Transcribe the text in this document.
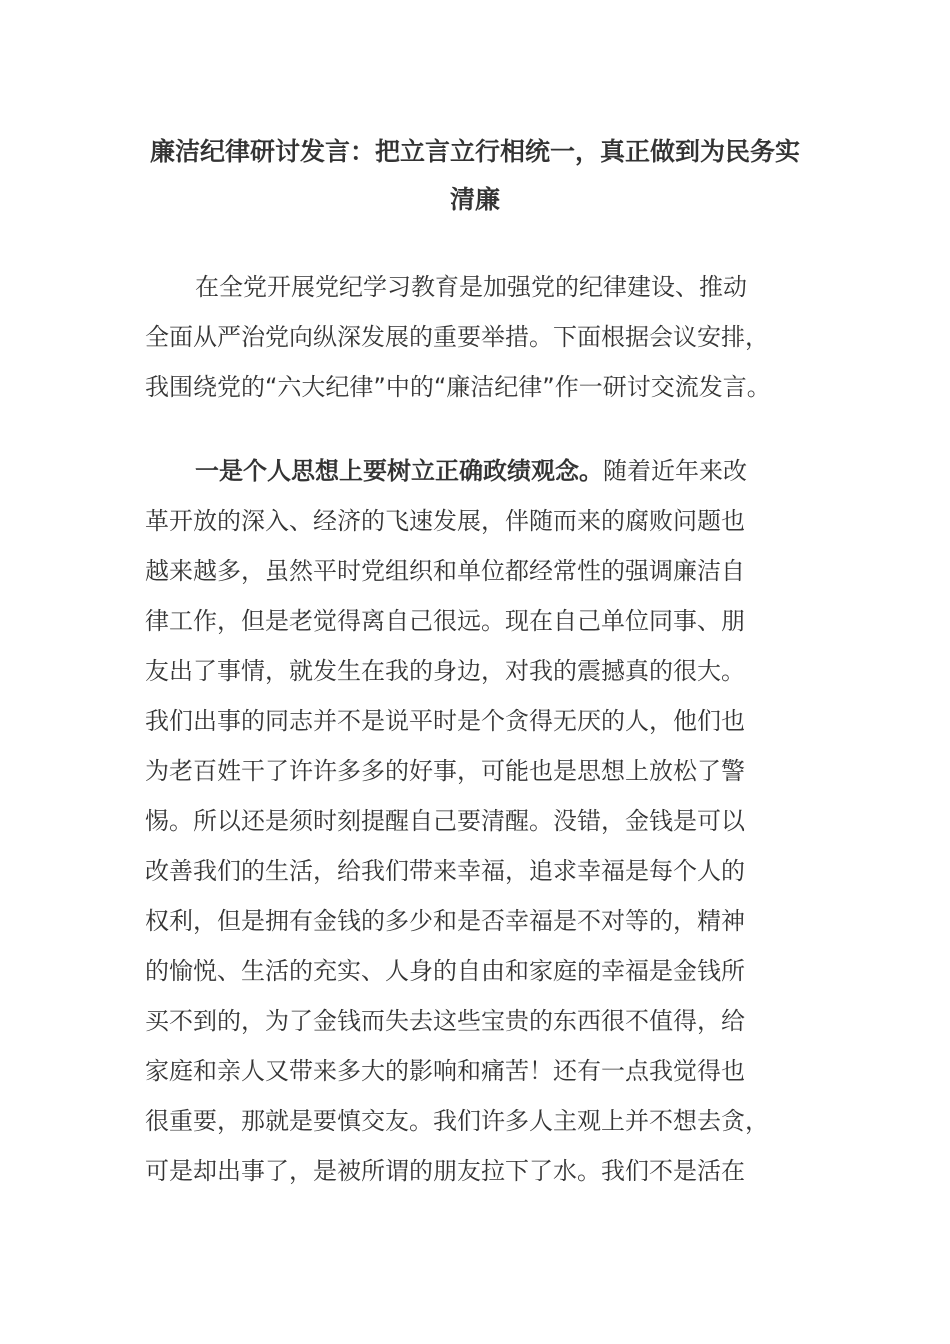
廉洁纪律研讨发言：把立言立行相统一，真正做到为民务实清廉

在全党开展党纪学习教育是加强党的纪律建设、推动

全面从严治党向纵深发展的重要举措。下面根据会议安排，

我围绕党的“六大纪律”中的“廉洁纪律”作一研讨交流发言。

一是个人思想上要树立正确政绩观念。随着近年来改

革开放的深入、经济的飞速发展，伴随而来的腐败问题也

越来越多，虽然平时党组织和单位都经常性的强调廉洁自

律工作，但是老觉得离自己很远。现在自己单位同事、朋

友出了事情，就发生在我的身边，对我的震撼真的很大。

我们出事的同志并不是说平时是个贪得无厌的人，他们也

为老百姓干了许许多多的好事，可能也是思想上放松了警

惕。所以还是须时刻提醒自己要清醒。没错，金钱是可以

改善我们的生活，给我们带来幸福，追求幸福是每个人的

权利，但是拥有金钱的多少和是否幸福是不对等的，精神

的愉悦、生活的充实、人身的自由和家庭的幸福是金钱所

买不到的，为了金钱而失去这些宝贵的东西很不值得，给

家庭和亲人又带来多大的影响和痛苦！还有一点我觉得也

很重要，那就是要慎交友。我们许多人主观上并不想去贪，

可是却出事了，是被所谓的朋友拉下了水。我们不是活在
